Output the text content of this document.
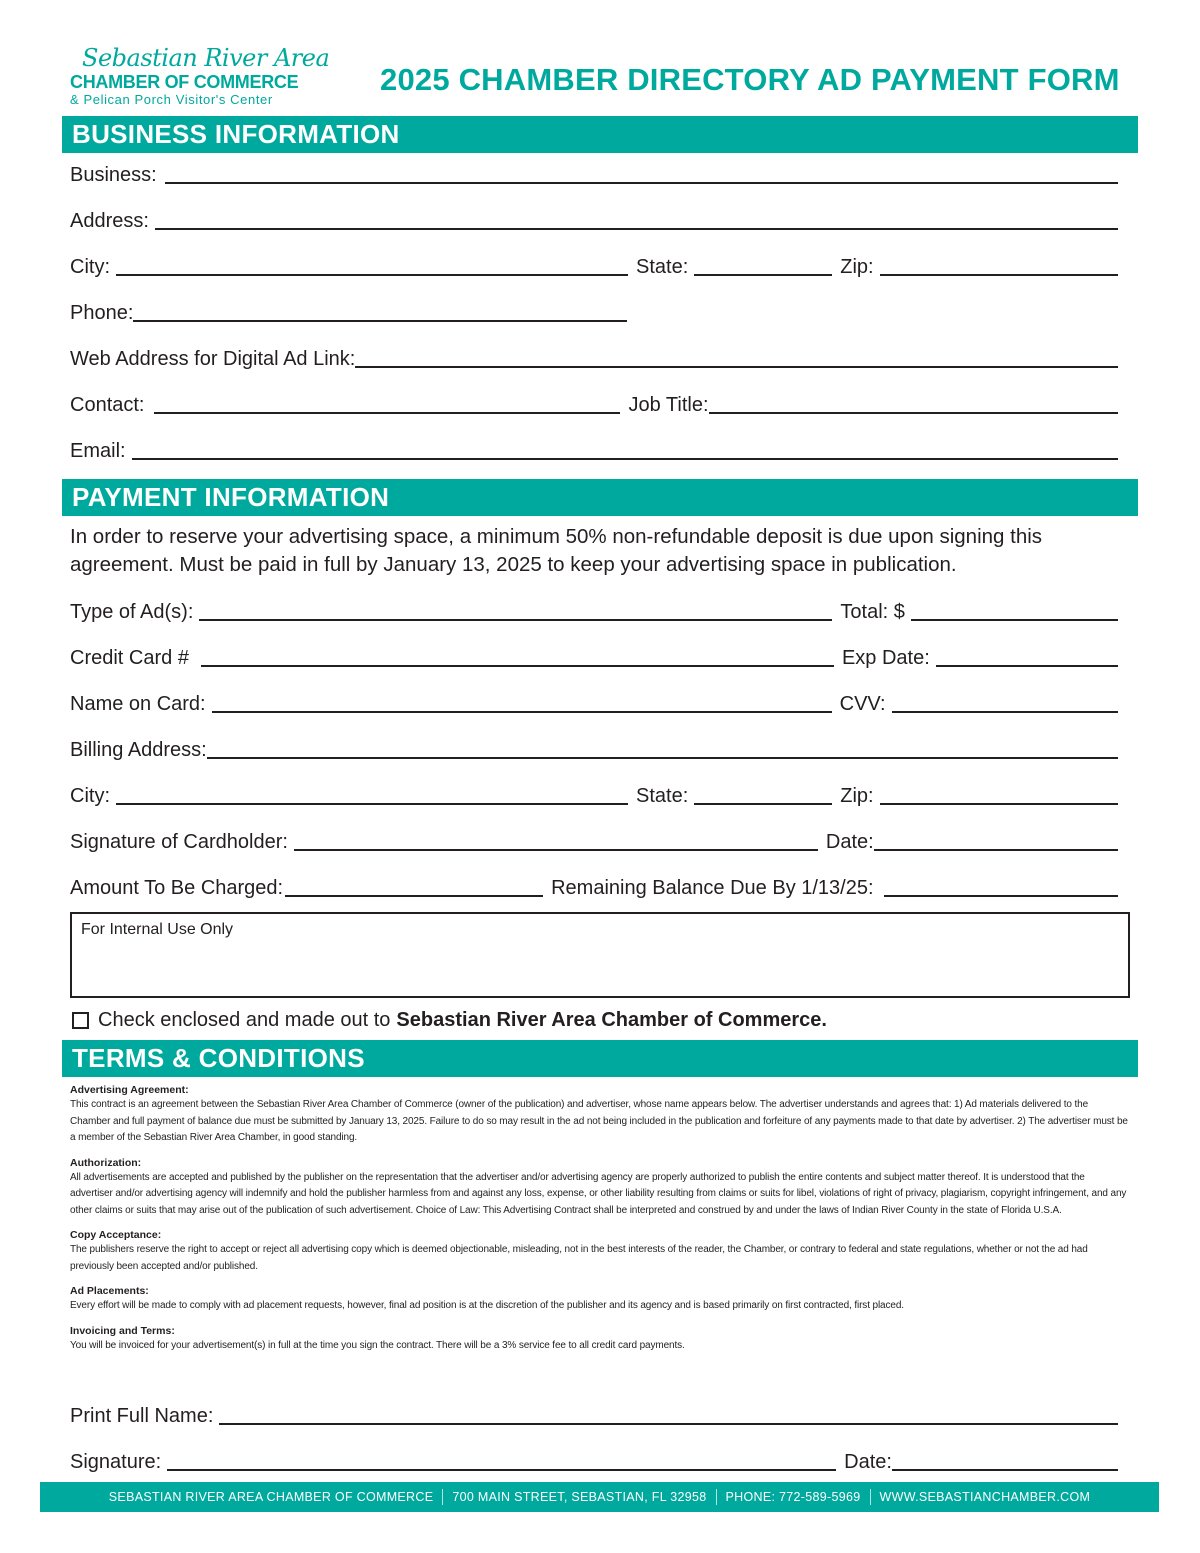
Sebastian River Area
CHAMBER OF COMMERCE
& Pelican Porch Visitor's Center
2025 CHAMBER DIRECTORY AD PAYMENT FORM
BUSINESS INFORMATION
Business:
Address:
City:	State:	Zip:
Phone:
Web Address for Digital Ad Link:
Contact:	Job Title:
Email:
PAYMENT INFORMATION
In order to reserve your advertising space, a minimum 50% non-refundable deposit is due upon signing this agreement. Must be paid in full by January 13, 2025 to keep your advertising space in publication.
Type of Ad(s):	Total: $
Credit Card #	Exp Date:
Name on Card:	CVV:
Billing Address:
City:	State:	Zip:
Signature of Cardholder:	Date:
Amount To Be Charged:	Remaining Balance Due By 1/13/25:
For Internal Use Only
Check enclosed and made out to Sebastian River Area Chamber of Commerce.
TERMS & CONDITIONS
Advertising Agreement:
This contract is an agreement between the Sebastian River Area Chamber of Commerce (owner of the publication) and advertiser, whose name appears below. The advertiser understands and agrees that: 1) Ad materials delivered to the Chamber and full payment of balance due must be submitted by January 13, 2025. Failure to do so may result in the ad not being included in the publication and forfeiture of any payments made to that date by advertiser. 2) The advertiser must be a member of the Sebastian River Area Chamber, in good standing.
Authorization:
All advertisements are accepted and published by the publisher on the representation that the advertiser and/or advertising agency are properly authorized to publish the entire contents and subject matter thereof. It is understood that the advertiser and/or advertising agency will indemnify and hold the publisher harmless from and against any loss, expense, or other liability resulting from claims or suits for libel, violations of right of privacy, plagiarism, copyright infringement, and any other claims or suits that may arise out of the publication of such advertisement. Choice of Law: This Advertising Contract shall be interpreted and construed by and under the laws of Indian River County in the state of Florida U.S.A.
Copy Acceptance:
The publishers reserve the right to accept or reject all advertising copy which is deemed objectionable, misleading, not in the best interests of the reader, the Chamber, or contrary to federal and state regulations, whether or not the ad had previously been accepted and/or published.
Ad Placements:
Every effort will be made to comply with ad placement requests, however, final ad position is at the discretion of the publisher and its agency and is based primarily on first contracted, first placed.
Invoicing and Terms:
You will be invoiced for your advertisement(s) in full at the time you sign the contract. There will be a 3% service fee to all credit card payments.
Print Full Name:
Signature:	Date:
SEBASTIAN RIVER AREA CHAMBER OF COMMERCE 700 MAIN STREET, SEBASTIAN, FL 32958 PHONE: 772-589-5969 WWW.SEBASTIANCHAMBER.COM
